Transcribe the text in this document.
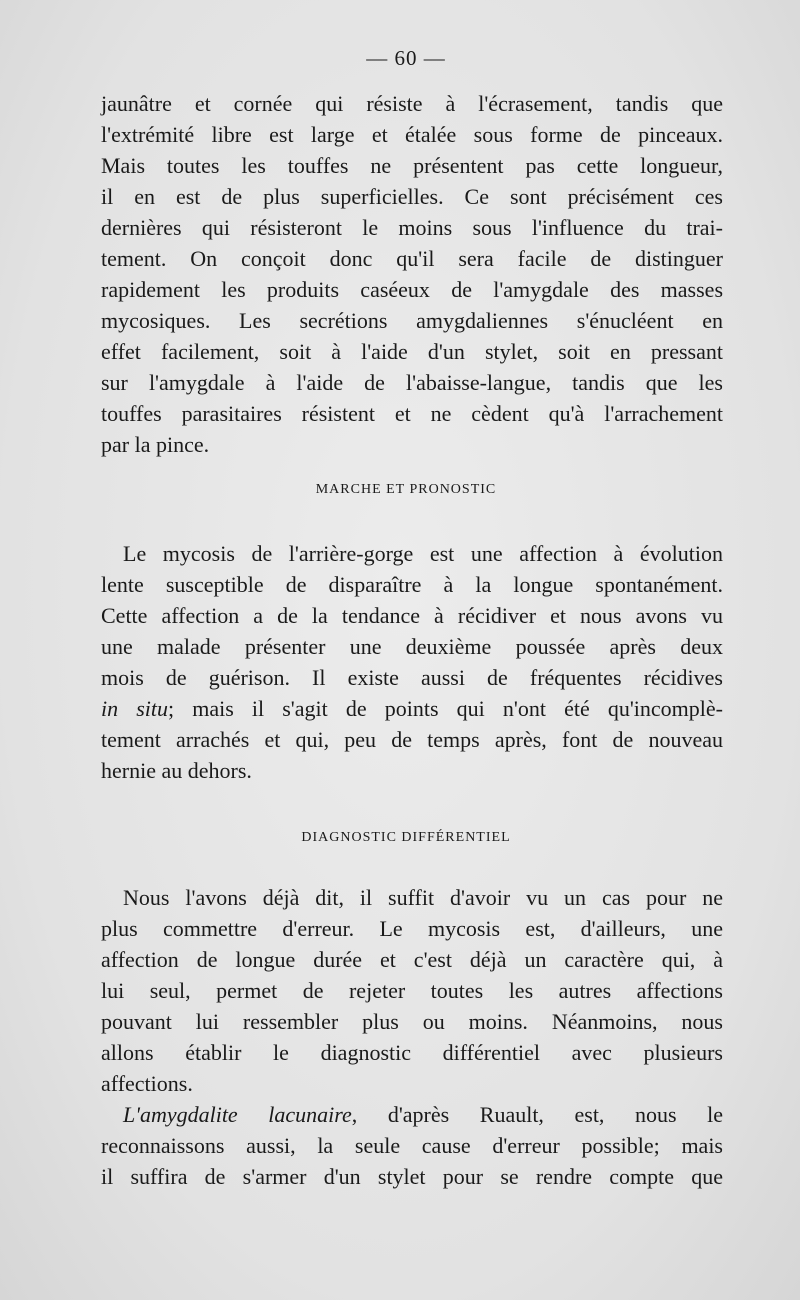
— 60 —
jaunâtre et cornée qui résiste à l'écrasement, tandis que
l'extrémité libre est large et étalée sous forme de pinceaux.
Mais toutes les touffes ne présentent pas cette longueur,
il en est de plus superficielles. Ce sont précisément ces
dernières qui résisteront le moins sous l'influence du trai-
tement. On conçoit donc qu'il sera facile de distinguer
rapidement les produits caséeux de l'amygdale des masses
mycosiques. Les secrétions amygdaliennes s'énucléent en
effet facilement, soit à l'aide d'un stylet, soit en pressant
sur l'amygdale à l'aide de l'abaisse-langue, tandis que les
touffes parasitaires résistent et ne cèdent qu'à l'arrachement
par la pince.
MARCHE ET PRONOSTIC
Le mycosis de l'arrière-gorge est une affection à évolution
lente susceptible de disparaître à la longue spontanément.
Cette affection a de la tendance à récidiver et nous avons vu
une malade présenter une deuxième poussée après deux
mois de guérison. Il existe aussi de fréquentes récidives
in situ; mais il s'agit de points qui n'ont été qu'incomplè-
tement arrachés et qui, peu de temps après, font de nouveau
hernie au dehors.
DIAGNOSTIC DIFFÉRENTIEL
Nous l'avons déjà dit, il suffit d'avoir vu un cas pour ne
plus commettre d'erreur. Le mycosis est, d'ailleurs, une
affection de longue durée et c'est déjà un caractère qui, à
lui seul, permet de rejeter toutes les autres affections
pouvant lui ressembler plus ou moins. Néanmoins, nous
allons établir le diagnostic différentiel avec plusieurs
affections.
L'amygdalite lacunaire, d'après Ruault, est, nous le
reconnaissons aussi, la seule cause d'erreur possible; mais
il suffira de s'armer d'un stylet pour se rendre compte que
